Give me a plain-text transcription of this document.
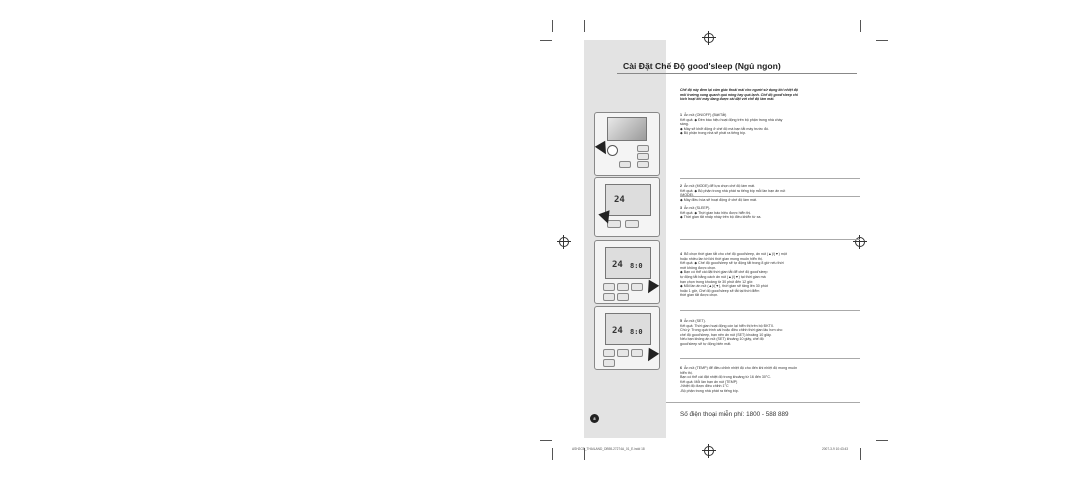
Cài Đặt Chế Độ good'sleep (Ngủ ngon)
Chế độ này đem lại cảm giác thoải mái cho người sử dụng khi nhiệt độ
môi trường xung quanh quá nóng hay quá lạnh. Chế độ good'sleep chỉ
kích hoạt khi máy đang được cài đặt với chế độ làm mát.
1 Ấn nút (ON/OFF) (Bật/Tắt)
Kết quả: ◆ Đèn báo hiệu hoạt động trên bộ phận trong nhà cháy
sáng.
◆ Máy sẽ khởi động ở chế độ mà bạn tắt máy trước đó.
◆ Bộ phận trong nhà sẽ phát ra tiếng bíp.
2 Ấn nút (MODE) để lựa chọn chế độ làm mát.
Kết quả: ◆ Bộ phận trong nhà phát ra tiếng bíp mỗi lần bạn ấn nút
◆ Máy điều hòa sẽ hoạt động ở chế độ làm mát.
3 Ấn nút (SLEEP).
Kết quả: ◆ Thời gian báo hiệu được hiển thị.
◆ Thời gian tắt nhấp nháy trên bộ điều khiển từ xa.
4 Bổ chọn thời gian tắt cho chế độ good'sleep, ấn nút (▲)/(▼) một
hoặc nhiều lần tới khi thời gian mong muốn hiển thị.
Kết quả: ◆ Chế độ good'sleep sẽ tự động tắt trong 8 giờ nếu thời
mới không được chọn.
◆ Bạn có thể cài đặt thời gian tắt để chế độ good'sleep
tự động tắt bằng cách ấn nút (▲)/(▼) tại thời gian mà
bạn chọn trong khoảng từ 30 phút đến 12 giờ.
◆ Mỗi lần ấn nút (▲)/(▼), thời gian sẽ tăng lên 30 phút
hoặc 1 giờ. Chế độ good'sleep sẽ tắt tại thời điểm
thời gian tắt được chọn.
5 Ấn nút (SET).
Kết quả: Thời gian hoạt động còn lại hiển thị trên bộ ĐKTX.
Chú ý: Trong quá trình cài hoặc điều chỉnh thời gian lâu hơn cho
chế độ good'sleep, bạn nên ấn nút (SET) khoảng 10 giây.
Nếu bạn không ấn nút (SET) khoảng 10 giây, chế độ
good'sleep sẽ tự động biến mất.
6 Ấn nút (TEMP) để điều chỉnh nhiệt độ cho đến khi nhiệt độ mong muốn
hiển thị.
Bạn có thể cài đặt nhiệt độ trong khoảng từ 16 đến 30°C.
Kết quả: Mỗi lần bạn ấn nút (TEMP)
-Nhiệt độ được điều chỉnh 1°C
-Bộ phận trong nhà phát ra tiếng bíp.
24
24 8:0
24 8:0
8
Số điện thoại miễn phí: 1800 - 588 889
ASH2CE_THAILAND_DB98-27274A_01_E.indd 18	2007-3-9 10:43:43
